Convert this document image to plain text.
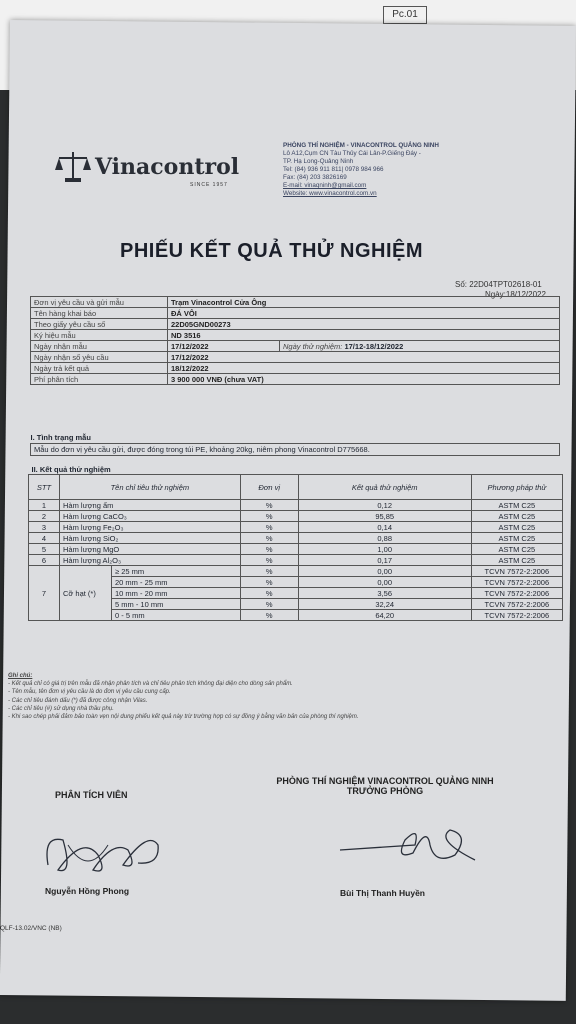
Pc.01
Vinacontrol
SINCE 1957
PHÒNG THÍ NGHIỆM - VINACONTROL QUẢNG NINH
Lô A12,Cụm CN Tàu Thủy Cái Lân-P.Giếng Đáy -
TP. Hạ Long-Quảng Ninh
Tel: (84) 936 911 811| 0978 984 966
Fax: (84) 203 3826169
E-mail: vinaqninh@gmail.com
Website: www.vinacontrol.com.vn
PHIẾU KẾT QUẢ THỬ NGHIỆM
Số: 22D04TPT02618-01
Ngày:18/12/2022
Đơn vị yêu cầu và gửi mẫu	Trạm Vinacontrol Cửa Ông	
Tên hàng khai báo	ĐÁ VÔI	
Theo giấy yêu cầu số	22D05GND00273	
Ký hiệu mẫu	ND 3516	
Ngày nhận mẫu	17/12/2022	Ngày thử nghiệm: 17/12-18/12/2022
Ngày nhận số yêu cầu	17/12/2022	
Ngày trả kết quả	18/12/2022	
Phí phân tích	3 900 000 VNĐ (chưa VAT)	
I. Tình trạng mẫu
Mẫu do đơn vị yêu cầu gửi, được đóng trong túi PE, khoảng 20kg, niêm phong Vinacontrol D775668.
II. Kết quả thử nghiệm					
STT	Tên chỉ tiêu thử nghiệm		Đơn vị	Kết quả thử nghiệm	Phương pháp thử
1	Hàm lượng ẩm		%	0,12	ASTM C25
2	Hàm lượng CaCO₃		%	95,85	ASTM C25
3	Hàm lượng Fe₂O₃		%	0,14	ASTM C25
4	Hàm lượng SiO₂		%	0,88	ASTM C25
5	Hàm lượng MgO		%	1,00	ASTM C25
6	Hàm lượng Al₂O₃		%	0,17	ASTM C25
7	Cỡ hạt (*)	≥ 25 mm	%	0,00	TCVN 7572-2:2006
		20 mm - 25 mm	%	0,00	TCVN 7572-2:2006
		10 mm - 20 mm	%	3,56	TCVN 7572-2:2006
		5 mm - 10 mm	%	32,24	TCVN 7572-2:2006
		0 - 5 mm	%	64,20	TCVN 7572-2:2006
Ghi chú:
- Kết quả chỉ có giá trị trên mẫu đã nhận phân tích và chỉ tiêu phân tích không đại diện cho dòng sản phẩm.
- Tên mẫu, tên đơn vị yêu cầu là do đơn vị yêu cầu cung cấp.
- Các chỉ tiêu đánh dấu (*) đã được công nhận Vilas.
- Các chỉ tiêu (#) sử dụng nhà thầu phụ.
- Khi sao chép phải đảm bảo toàn vẹn nội dung phiếu kết quả này trừ trường hợp có sự đồng ý bằng văn bản của phòng thí nghiệm.
PHÒNG THÍ NGHIỆM VINACONTROL QUẢNG NINH
TRƯỞNG PHÒNG
PHÂN TÍCH VIÊN
Nguyễn Hồng Phong	Bùi Thị Thanh Huyền
QLF-13.02/VNC (NB)
